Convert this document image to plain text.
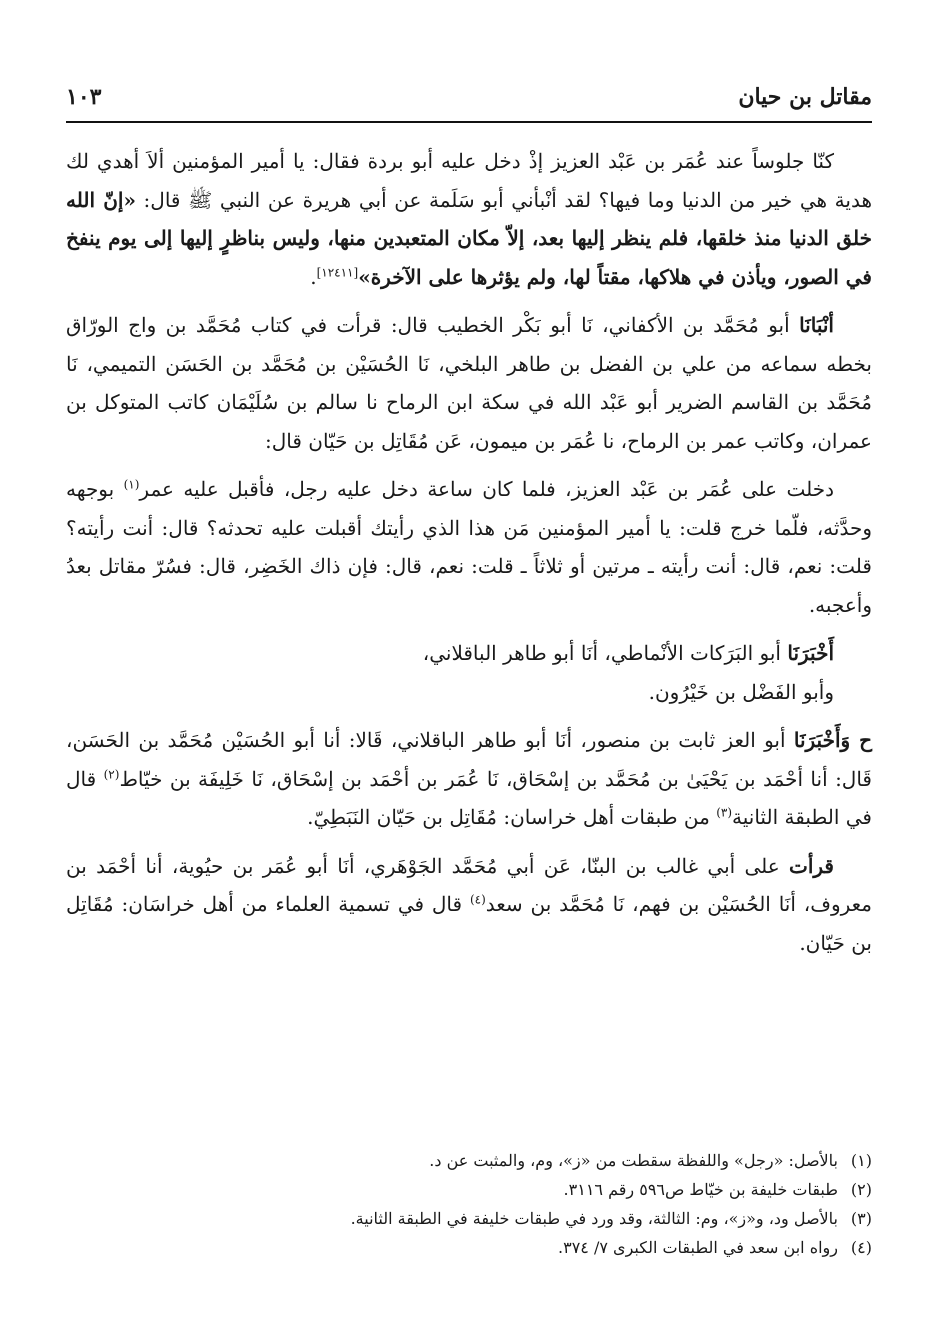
مقاتل بن حيان
١٠٣

كنّا جلوساً عند عُمَر بن عَبْد العزيز إذْ دخل عليه أبو بردة فقال: يا أمير المؤمنين ألاَ أهدي لك هدية هي خير من الدنيا وما فيها؟ لقد أنْبأني أبو سَلَمة عن أبي هريرة عن النبي ﷺ قال: «إنّ الله خلق الدنيا منذ خلقها، فلم ينظر إليها بعد، إلاّ مكان المتعبدين منها، وليس بناظرٍ إليها إلى يوم ينفخ في الصور، ويأذن في هلاكها، مقتاً لها، ولم يؤثرها على الآخرة»[١٢٤١١].

أنْبَانَا أبو مُحَمَّد بن الأكفاني، نَا أبو بَكْر الخطيب قال: قرأت في كتاب مُحَمَّد بن واج الورّاق بخطه سماعه من علي بن الفضل بن طاهر البلخي، نَا الحُسَيْن بن مُحَمَّد بن الحَسَن التميمي، نَا مُحَمَّد بن القاسم الضرير أبو عَبْد الله في سكة ابن الرماح نا سالم بن سُلَيْمَان كاتب المتوكل بن عمران، وكاتب عمر بن الرماح، نا عُمَر بن ميمون، عَن مُقَاتِل بن حَيّان قال:

دخلت على عُمَر بن عَبْد العزيز، فلما كان ساعة دخل عليه رجل، فأقبل عليه عمر$^{(١)}$ بوجهه وحدَّثه، فلّما خرج قلت: يا أمير المؤمنين مَن هذا الذي رأيتك أقبلت عليه تحدثه؟ قال: أنت رأيته؟ قلت: نعم، قال: أنت رأيته ـ مرتين أو ثلاثاً ـ قلت: نعم، قال: فإن ذاك الخَضِر، قال: فسُرّ مقاتل بعدُ وأعجبه.

أَخْبَرَنَا أبو البَرَكات الأنْماطي، أنَا أبو طاهر الباقلاني،

وأبو الفَضْل بن خَيْرُون.

ح وَأَخْبَرَنَا أبو العز ثابت بن منصور، أنَا أبو طاهر الباقلاني، قَالا: أنا أبو الحُسَيْن مُحَمَّد بن الحَسَن، قَال: أنا أحْمَد بن يَحْيَىٰ بن مُحَمَّد بن إسْحَاق، نَا عُمَر بن أحْمَد بن إسْحَاق، نَا خَلِيفَة بن خيّاط$^{(٢)}$ قال في الطبقة الثانية$^{(٣)}$ من طبقات أهل خراسان: مُقَاتِل بن حَيّان النَبَطِيّ.

قرأت على أبي غالب بن البنّا، عَن أبي مُحَمَّد الجَوْهَري، أنَا أبو عُمَر بن حيُوية، أنا أحْمَد بن معروف، أنَا الحُسَيْن بن فهم، نَا مُحَمَّد بن سعد$^{(٤)}$ قال في تسمية العلماء من أهل خراسَان: مُقَاتِل بن حَيّان.

(١)
بالأصل: «رجل» واللفظة سقطت من «ز»، وم، والمثبت عن د.
(٢)
طبقات خليفة بن خيّاط ص٥٩٦ رقم ٣١١٦.
(٣)
بالأصل ود، و«ز»، وم: الثالثة، وقد ورد في طبقات خليفة في الطبقة الثانية.
(٤)
رواه ابن سعد في الطبقات الكبرى ٧/ ٣٧٤.
